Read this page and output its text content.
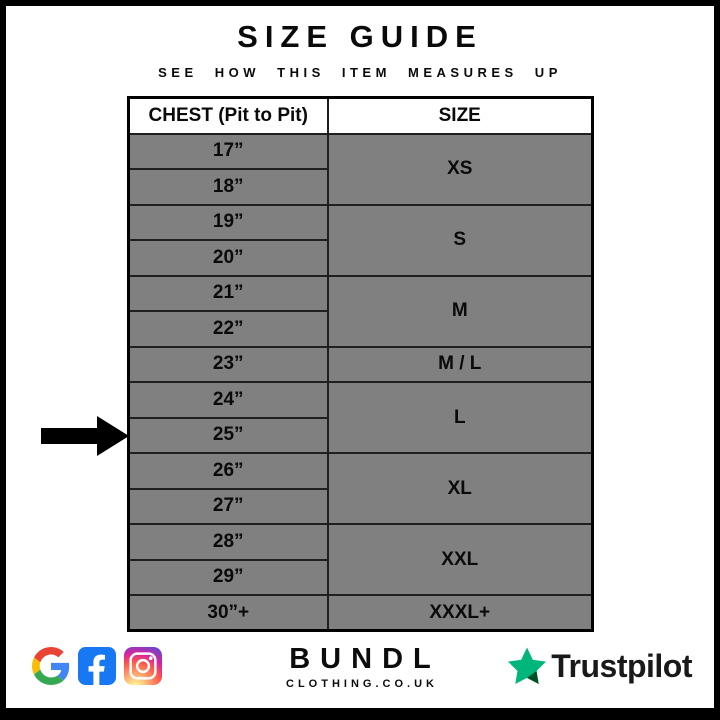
SIZE GUIDE
SEE HOW THIS ITEM MEASURES UP
CHEST (Pit to Pit)	SIZE
17”	XS
18”	
19”	S
20”	
21”	M
22”	
23”	M / L
24”	L
25”	
26”	XL
27”	
28”	XXL
29”	
30”+	XXXL+
BUNDL
CLOTHING.CO.UK	Trustpilot
